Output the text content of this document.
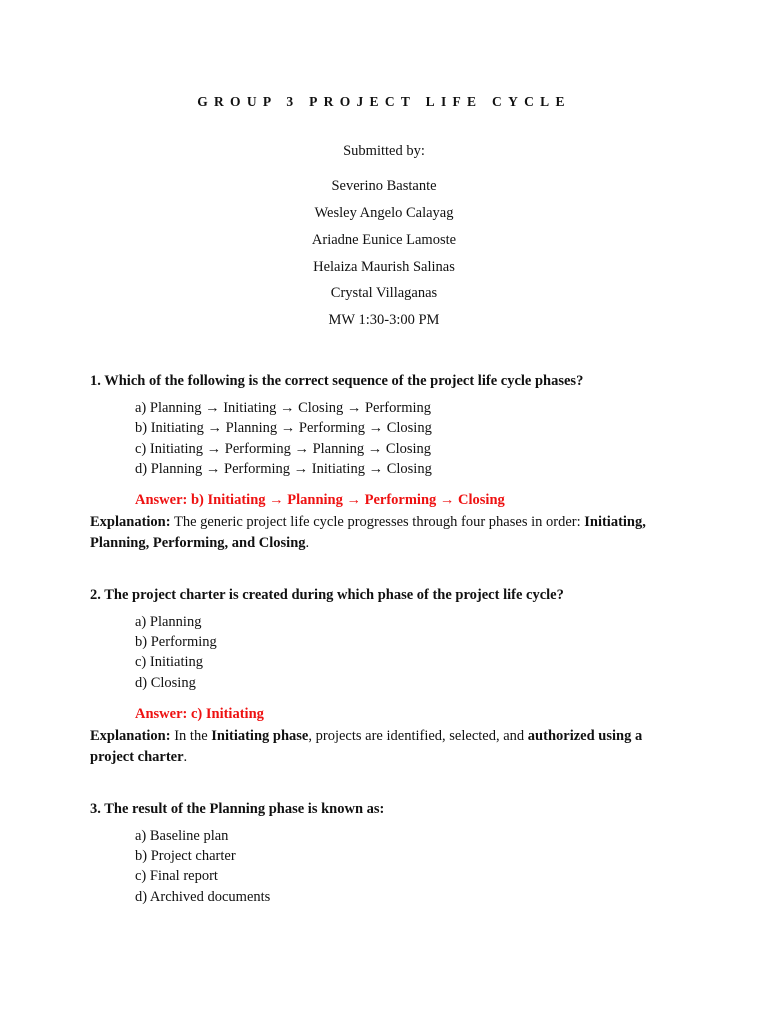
GROUP 3 PROJECT LIFE CYCLE
Submitted by:
Severino Bastante
Wesley Angelo Calayag
Ariadne Eunice Lamoste
Helaiza Maurish Salinas
Crystal Villaganas
MW 1:30-3:00 PM
1. Which of the following is the correct sequence of the project life cycle phases?
a) Planning → Initiating → Closing → Performing
b) Initiating → Planning → Performing → Closing
c) Initiating → Performing → Planning → Closing
d) Planning → Performing → Initiating → Closing
Answer: b) Initiating → Planning → Performing → Closing
Explanation: The generic project life cycle progresses through four phases in order: Initiating, Planning, Performing, and Closing.
2. The project charter is created during which phase of the project life cycle?
a) Planning
b) Performing
c) Initiating
d) Closing
Answer: c) Initiating
Explanation: In the Initiating phase, projects are identified, selected, and authorized using a project charter.
3. The result of the Planning phase is known as:
a) Baseline plan
b) Project charter
c) Final report
d) Archived documents
